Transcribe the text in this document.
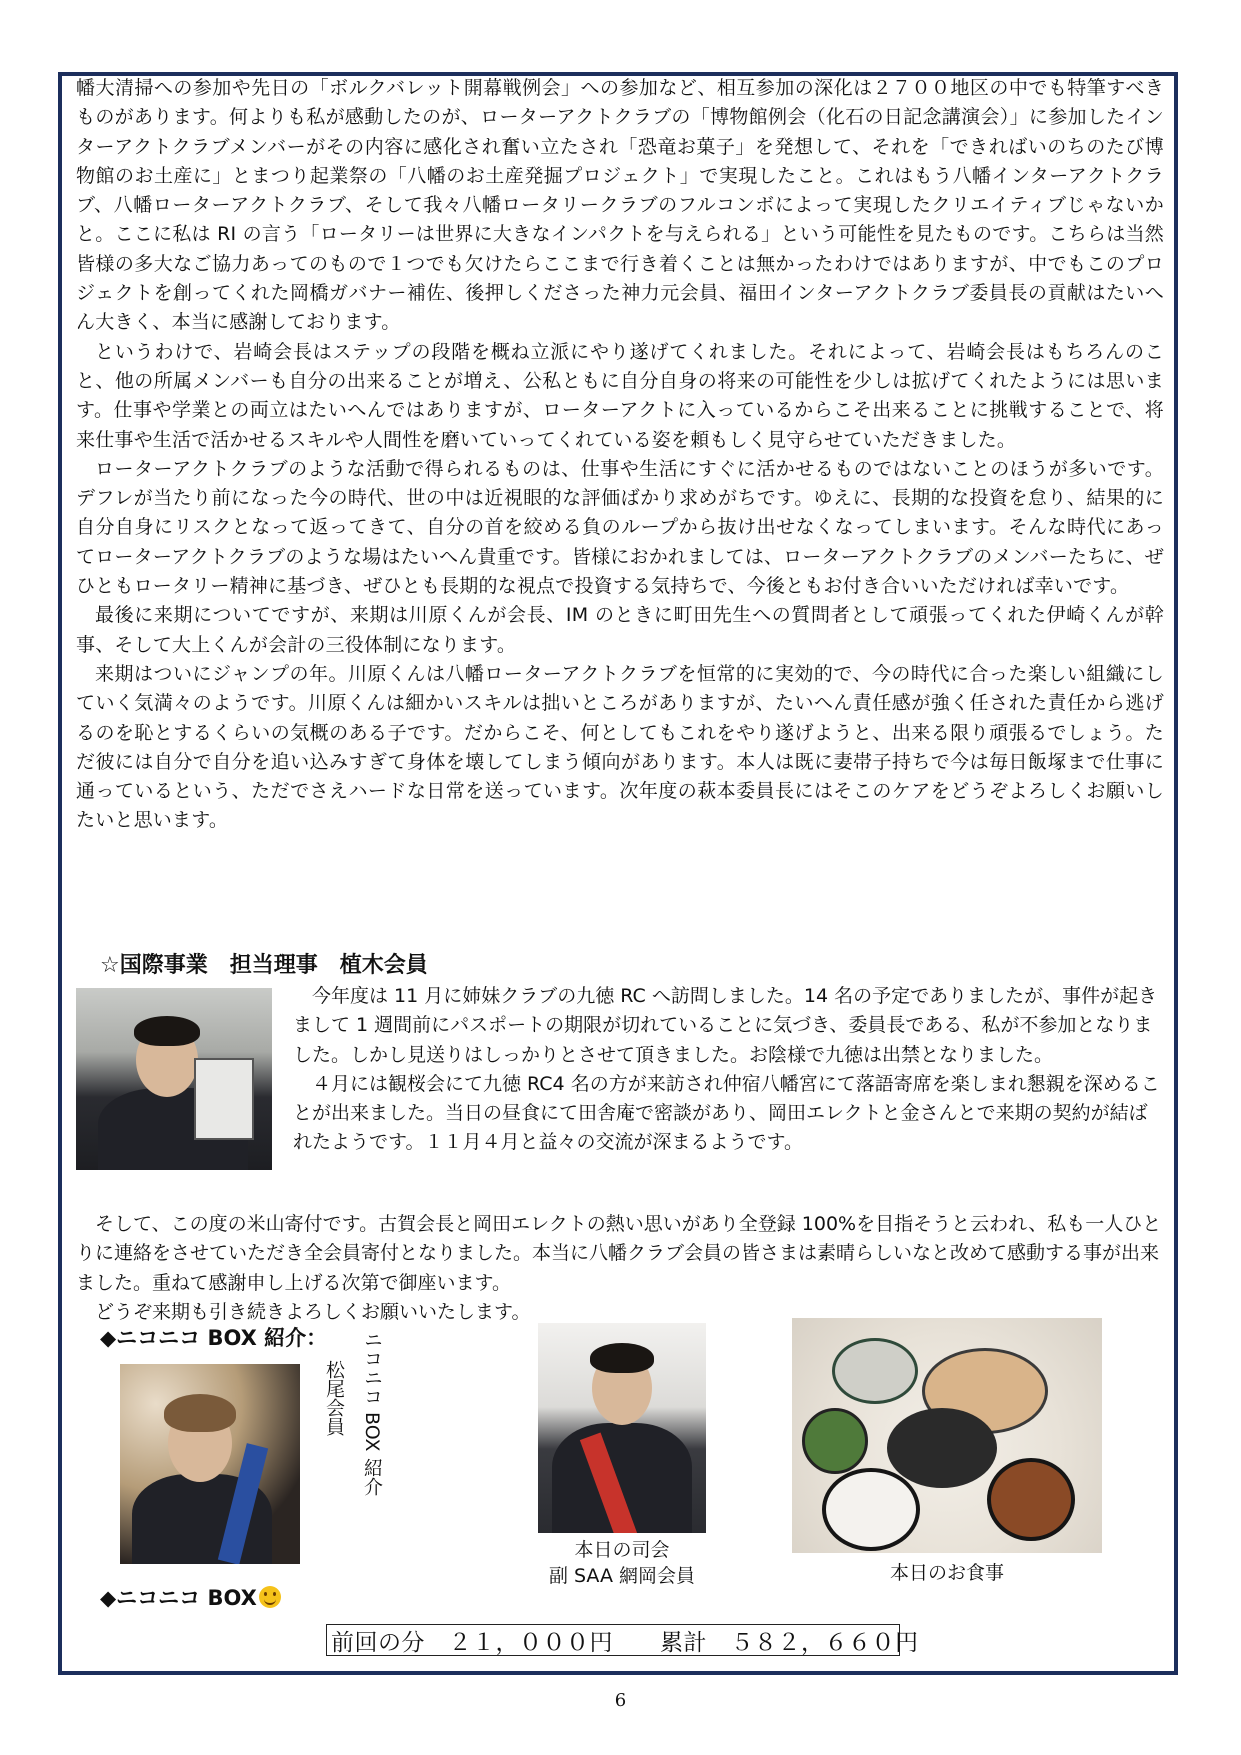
幡大清掃への参加や先日の「ボルクバレット開幕戦例会」への参加など、相互参加の深化は２７００地区の中でも特筆すべきものがあります。何よりも私が感動したのが、ローターアクトクラブの「博物館例会（化石の日記念講演会）」に参加したインターアクトクラブメンバーがその内容に感化され奮い立たされ「恐竜お菓子」を発想して、それを「できればいのちのたび博物館のお土産に」とまつり起業祭の「八幡のお土産発掘プロジェクト」で実現したこと。これはもう八幡インターアクトクラブ、八幡ローターアクトクラブ、そして我々八幡ロータリークラブのフルコンボによって実現したクリエイティブじゃないかと。ここに私は RI の言う「ロータリーは世界に大きなインパクトを与えられる」という可能性を見たものです。こちらは当然皆様の多大なご協力あってのもので１つでも欠けたらここまで行き着くことは無かったわけではありますが、中でもこのプロジェクトを創ってくれた岡橋ガバナー補佐、後押しくださった神力元会員、福田インターアクトクラブ委員長の貢献はたいへん大きく、本当に感謝しております。

というわけで、岩崎会長はステップの段階を概ね立派にやり遂げてくれました。それによって、岩崎会長はもちろんのこと、他の所属メンバーも自分の出来ることが増え、公私ともに自分自身の将来の可能性を少しは拡げてくれたようには思います。仕事や学業との両立はたいへんではありますが、ローターアクトに入っているからこそ出来ることに挑戦することで、将来仕事や生活で活かせるスキルや人間性を磨いていってくれている姿を頼もしく見守らせていただきました。

ローターアクトクラブのような活動で得られるものは、仕事や生活にすぐに活かせるものではないことのほうが多いです。デフレが当たり前になった今の時代、世の中は近視眼的な評価ばかり求めがちです。ゆえに、長期的な投資を怠り、結果的に自分自身にリスクとなって返ってきて、自分の首を絞める負のループから抜け出せなくなってしまいます。そんな時代にあってローターアクトクラブのような場はたいへん貴重です。皆様におかれましては、ローターアクトクラブのメンバーたちに、ぜひともロータリー精神に基づき、ぜひとも長期的な視点で投資する気持ちで、今後ともお付き合いいただければ幸いです。

最後に来期についてですが、来期は川原くんが会長、IM のときに町田先生への質問者として頑張ってくれた伊崎くんが幹事、そして大上くんが会計の三役体制になります。

来期はついにジャンプの年。川原くんは八幡ローターアクトクラブを恒常的に実効的で、今の時代に合った楽しい組織にしていく気満々のようです。川原くんは細かいスキルは拙いところがありますが、たいへん責任感が強く任された責任から逃げるのを恥とするくらいの気概のある子です。だからこそ、何としてもこれをやり遂げようと、出来る限り頑張るでしょう。ただ彼には自分で自分を追い込みすぎて身体を壊してしまう傾向があります。本人は既に妻帯子持ちで今は毎日飯塚まで仕事に通っているという、ただでさえハードな日常を送っています。次年度の萩本委員長にはそこのケアをどうぞよろしくお願いしたいと思います。

☆国際事業　担当理事　植木会員

今年度は 11 月に姉妹クラブの九徳 RC へ訪問しました。14 名の予定でありましたが、事件が起きまして 1 週間前にパスポートの期限が切れていることに気づき、委員長である、私が不参加となりました。しかし見送りはしっかりとさせて頂きました。お陰様で九徳は出禁となりました。

４月には観桜会にて九徳 RC4 名の方が来訪され仲宿八幡宮にて落語寄席を楽しまれ懇親を深めることが出来ました。当日の昼食にて田舎庵で密談があり、岡田エレクトと金さんとで来期の契約が結ばれたようです。１１月４月と益々の交流が深まるようです。

そして、この度の米山寄付です。古賀会長と岡田エレクトの熱い思いがあり全登録 100%を目指そうと云われ、私も一人ひとりに連絡をさせていただき全会員寄付となりました。本当に八幡クラブ会員の皆さまは素晴らしいなと改めて感動する事が出来ました。重ねて感謝申し上げる次第で御座います。

どうぞ来期も引き続きよろしくお願いいたします。

◆ニコニコ BOX 紹介： ニコニコ BOX 紹介
松尾会員
本日の司会
副 SAA 網岡会員	本日のお食事
◆ニコニコ BOX
前回の分
　 ２１，０００円
　　 累計
　 ５８２，６６０円
6
